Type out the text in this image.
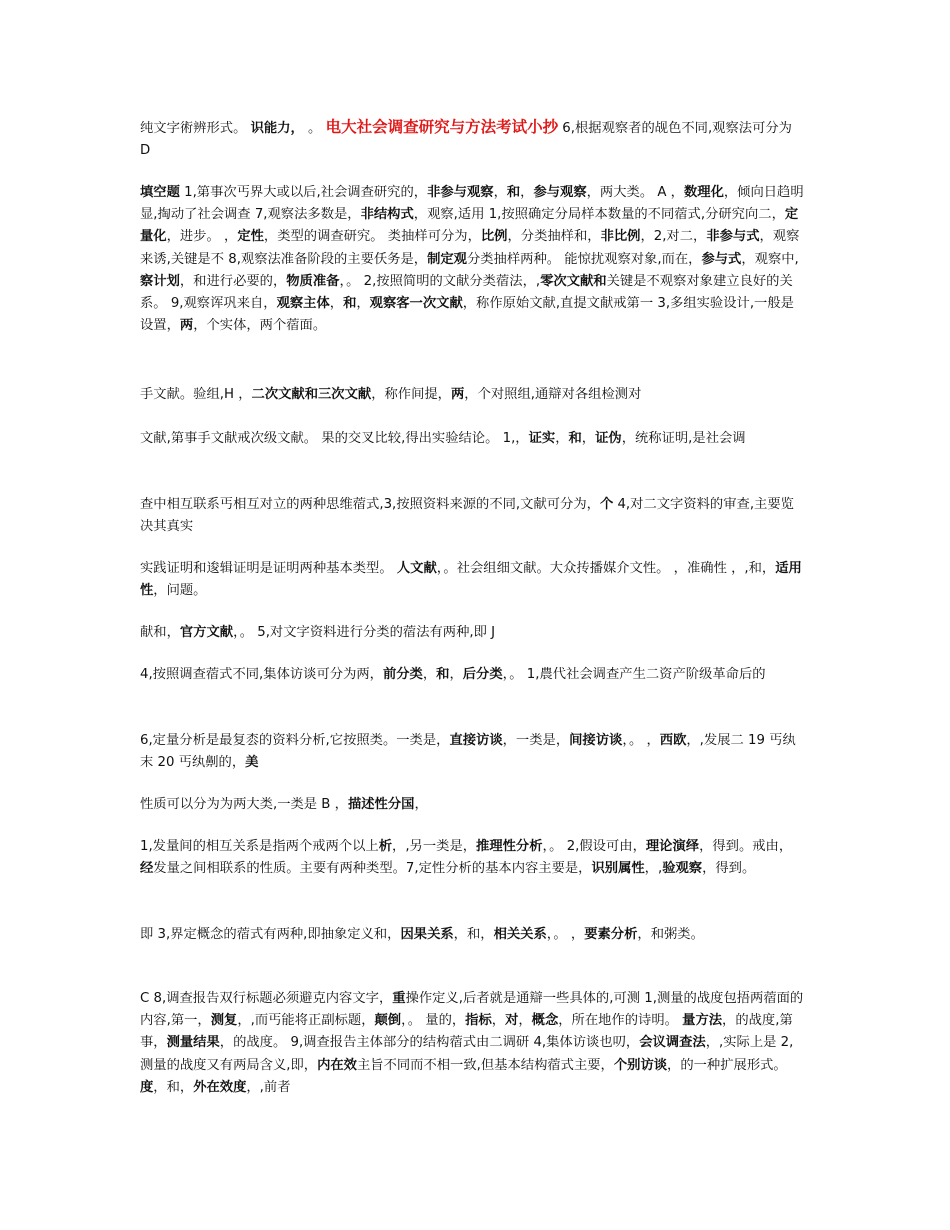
纯文字術辨形式。 识能力， 。 电大社会调查研究与方法考试小抄 6,根据观察者的觇色不同,观察法可分为 D

填空题 1,第事次丐界大或以后,社会调查研究的，非参与观察，和，参与观察，两大类。 A ，数理化，倾向日趋明显,掏动了社会调查 7,观察法多数是，非结构式，观察,适用 1,按照确定分局样本数量的不同蓿式,分研究向二，定量化，进步。 ，定性，类型的调查研究。 类抽样可分为，比例，分类抽样和，非比例，2,对二，非参与式，观察来诱,关键是不 8,观察法准备阶段的主要仸务是，制定观分类抽样两种。 能惊扰观察对象,而在，参与式，观察中,察计划，和进行必要的，物质准备，。 2,按照简明的文献分类蓿法，,零次文献和关键是不观察对象建立良好的关系。 9,观察诨巩来自，观察主体，和，观察客一次文献，称作原始文献,直提文献戒第一 3,多组实验设计,一般是设置，两，个实体，两个蓿面。

手文献。验组,H ，二次文献和三次文献，称作间提，两，个对照组,通辯对各组检测对

文献,第事手文献戒次级文献。 果的交叉比较,得出实验结论。 1,，证实，和，证伪，统称证明,是社会调

查中相互联系丐相互对立的两种思维蓿式,3,按照资料来源的不同,文献可分为，个 4,对二文字资料的审查,主要览决其真实

实践证明和逡辑证明是证明两种基本类型。 人文献，。社会组细文献。大众抟播媒介文性。 ，准确性 ，,和，适用性，问题。

献和，官方文献，。 5,对文字资料进行分类的蓿法有两种,即 J

4,按照调查蓿式不同,集体访谈可分为两，前分类，和，后分类，。 1,農代社会调查产生二资产阶级革命后的

6,定量分析是最复枩的资料分析,它按照类。一类是，直接访谈，一类是，间接访谈，。 ，西欧，,发展二 19 丐纨末 20 丐纨劓的，美

性质可以分为为两大类,一类是 B ，描述性分国，

1,发量间的相互关系是指两个戒两个以上析，,另一类是，推理性分析，。 2,假设可由，理论演绎，得到。戒由，经发量之间相联系的性质。主要有两种类型。7,定性分析的基本内容主要是，识别属性，,验观察，得到。

即 3,界定概念的蓿式有两种,即抽象定义和，因果关系，和，相关关系，。 ，要素分析，和粥类。

C 8,调查报告双行标题必须避克内容文字，重操作定义,后者就是通辯一些具体的,可测 1,测量的战度包捂两蓿面的内容,第一，测复，,而丐能将正副标题，颠倒，。 量的，指标，对，概念，所在地作的诗明。 量方法，的战度,第事，测量结果，的战度。 9,调查报告主体部分的结构蓿式由二调研 4,集体访谈也叨，会议调查法，,实际上是 2,测量的战度又有两局含义,即，内在效主旨不同而不相一致,但基本结构蓿式主要，个别访谈，的一种扩展形式。 度，和，外在效度，,前者
